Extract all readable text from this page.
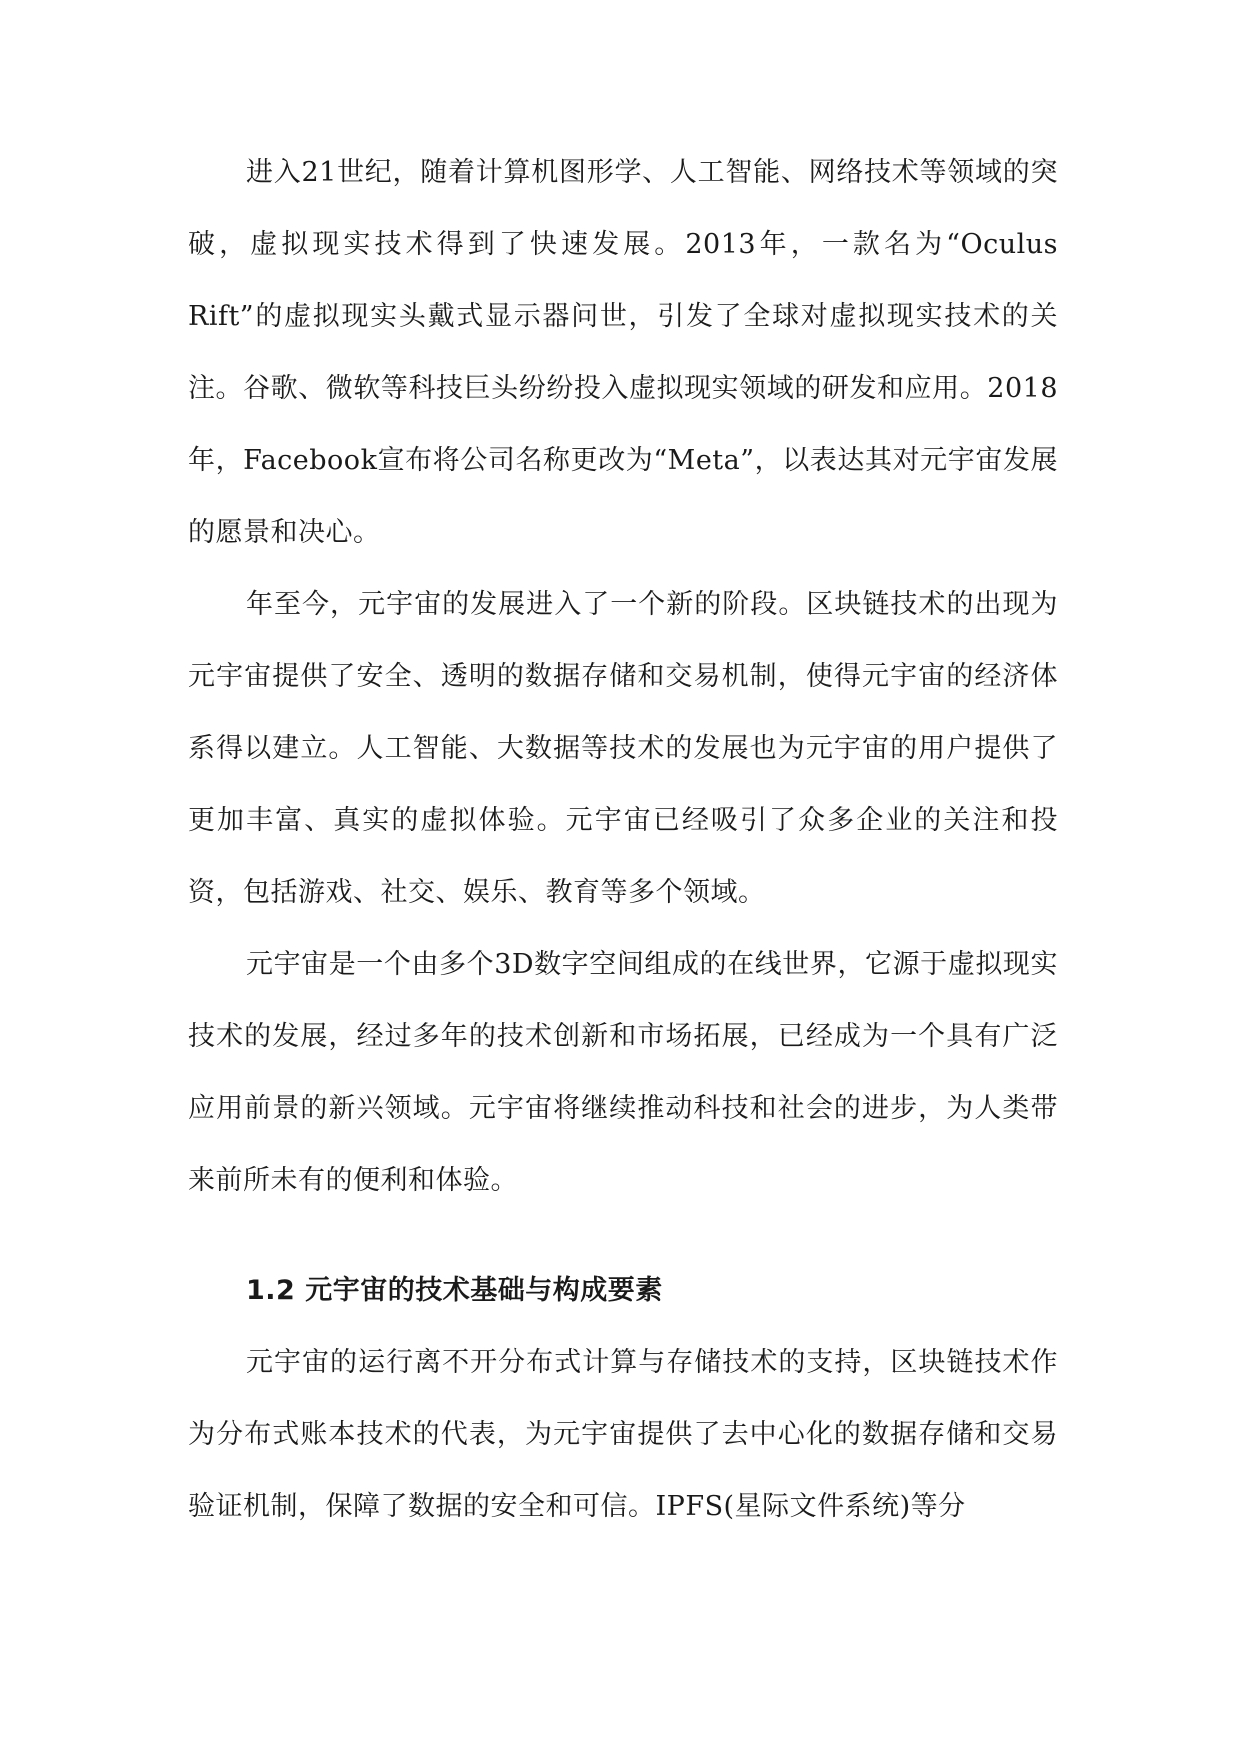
进入21世纪，随着计算机图形学、人工智能、网络技术等领域的突破，虚拟现实技术得到了快速发展。2013年，一款名为“Oculus Rift”的虚拟现实头戴式显示器问世，引发了全球对虚拟现实技术的关注。谷歌、微软等科技巨头纷纷投入虚拟现实领域的研发和应用。2018年，Facebook宣布将公司名称更改为“Meta”，以表达其对元宇宙发展的愿景和决心。

年至今，元宇宙的发展进入了一个新的阶段。区块链技术的出现为元宇宙提供了安全、透明的数据存储和交易机制，使得元宇宙的经济体系得以建立。人工智能、大数据等技术的发展也为元宇宙的用户提供了更加丰富、真实的虚拟体验。元宇宙已经吸引了众多企业的关注和投资，包括游戏、社交、娱乐、教育等多个领域。

元宇宙是一个由多个3D数字空间组成的在线世界，它源于虚拟现实技术的发展，经过多年的技术创新和市场拓展，已经成为一个具有广泛应用前景的新兴领域。元宇宙将继续推动科技和社会的进步，为人类带来前所未有的便利和体验。

1.2 元宇宙的技术基础与构成要素

元宇宙的运行离不开分布式计算与存储技术的支持，区块链技术作为分布式账本技术的代表，为元宇宙提供了去中心化的数据存储和交易验证机制，保障了数据的安全和可信。IPFS(星际文件系统)等分
